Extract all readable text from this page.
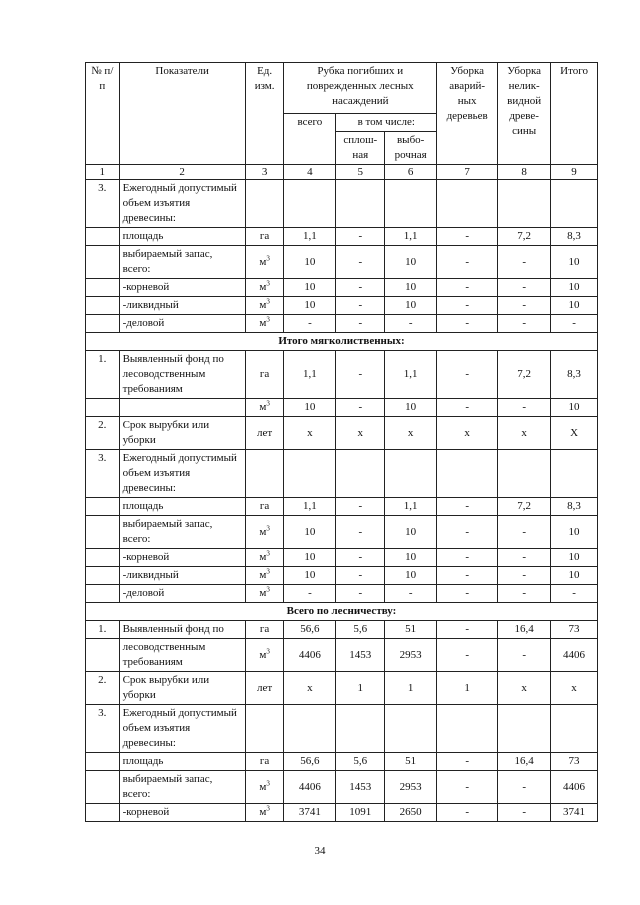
№ п/п	Показатели	Ед. изм.	Рубка погибших и поврежденных лесных насаждений			Уборка аварий-ных деревьев	Уборка нелик-видной древе-сины	Итого
			всего	в том числе:				
				сплош-ная	выбо-рочная			
1	2	3	4	5	6	7	8	9
3.	Ежегодный допустимый объем изъятия древесины:							
	площадь	га	1,1	-	1,1	-	7,2	8,3
	выбираемый запас, всего:	$м^3$	10	-	10	-	-	10
	-корневой	$м^3$	10	-	10	-	-	10
	-ликвидный	$м^3$	10	-	10	-	-	10
	-деловой	$м^3$	-	-	-	-	-	-
Итого мягколиственных:								
1.	Выявленный фонд по лесоводственным требованиям	га	1,1	-	1,1	-	7,2	8,3
		$м^3$	10	-	10	-	-	10
2.	Срок вырубки или уборки	лет	х	х	х	х	х	Х
3.	Ежегодный допустимый объем изъятия древесины:							
	площадь	га	1,1	-	1,1	-	7,2	8,3
	выбираемый запас, всего:	$м^3$	10	-	10	-	-	10
	-корневой	$м^3$	10	-	10	-	-	10
	-ликвидный	$м^3$	10	-	10	-	-	10
	-деловой	$м^3$	-	-	-	-	-	-
Всего по лесничеству:								
1.	Выявленный фонд по	га	56,6	5,6	51	-	16,4	73
	лесоводственным требованиям	$м^3$	4406	1453	2953	-	-	4406
2.	Срок вырубки или уборки	лет	х	1	1	1	х	х
3.	Ежегодный допустимый объем изъятия древесины:							
	площадь	га	56,6	5,6	51	-	16,4	73
	выбираемый запас, всего:	$м^3$	4406	1453	2953	-	-	4406
	-корневой	$м^3$	3741	1091	2650	-	-	3741
34
